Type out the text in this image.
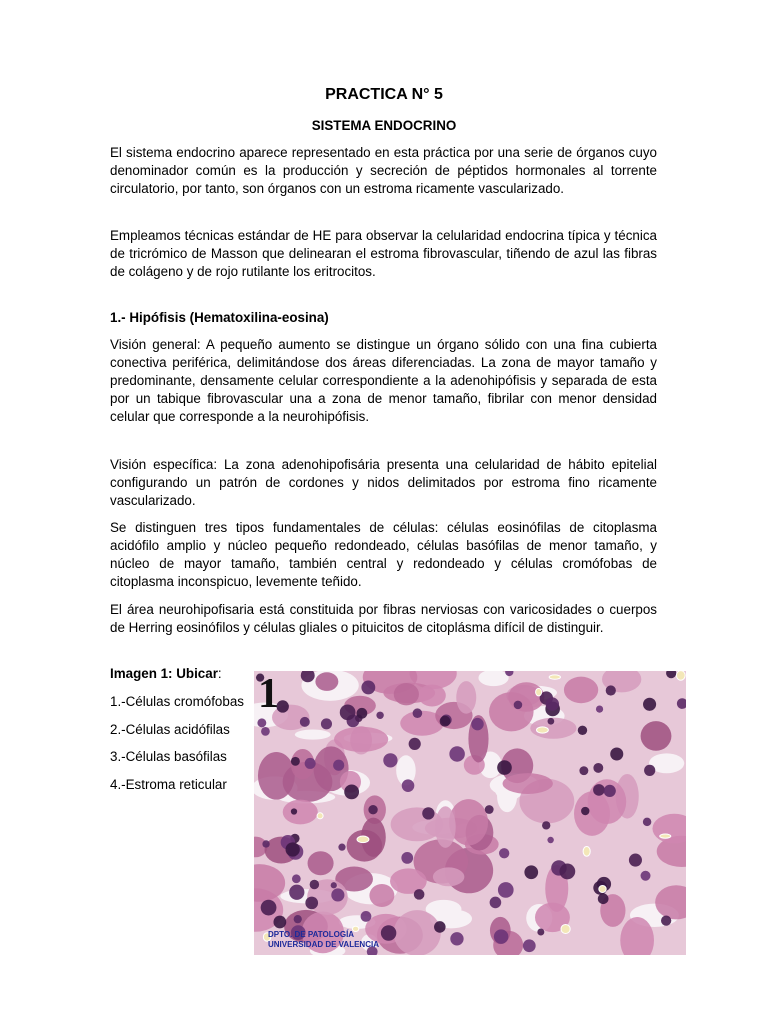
PRACTICA N° 5
SISTEMA ENDOCRINO

El sistema endocrino aparece representado en esta práctica por una serie de órganos cuyo denominador común es la producción y secreción de péptidos hormonales al torrente circulatorio, por tanto, son órganos con un estroma ricamente vascularizado.

Empleamos técnicas estándar de HE para observar la celularidad endocrina típica y técnica de tricrómico de Masson que delinearan el estroma fibrovascular, tiñendo de azul las fibras de colágeno y de rojo rutilante los eritrocitos.

1.- Hipófisis (Hematoxilina-eosina)

Visión general: A pequeño aumento se distingue un órgano sólido con una fina cubierta conectiva periférica, delimitándose dos áreas diferenciadas. La zona de mayor tamaño y predominante, densamente celular correspondiente a la adenohipófisis y separada de esta por un tabique fibrovascular una a zona de menor tamaño, fibrilar con menor densidad celular que corresponde a la neurohipófisis.

Visión específica: La zona adenohipofisária presenta una celularidad de hábito epitelial configurando un patrón de cordones y nidos delimitados por estroma fino ricamente vascularizado.

Se distinguen tres tipos fundamentales de células: células eosinófilas de citoplasma acidófilo amplio y núcleo pequeño redondeado, células basófilas de menor tamaño, y núcleo de mayor tamaño, también central y redondeado y células cromófobas de citoplasma inconspicuo, levemente teñido.

El área neurohipofisaria está constituida por fibras nerviosas con varicosidades o cuerpos de Herring eosinófilos y células gliales o pituicitos de citoplásma difícil de distinguir.

Imagen 1: Ubicar:
1.-Células cromófobas
2.-Células acidófilas
3.-Células basófilas
4.-Estroma reticular
1
DPTO. DE PATOLOGÍA
UNIVERSIDAD DE VALENCIA
